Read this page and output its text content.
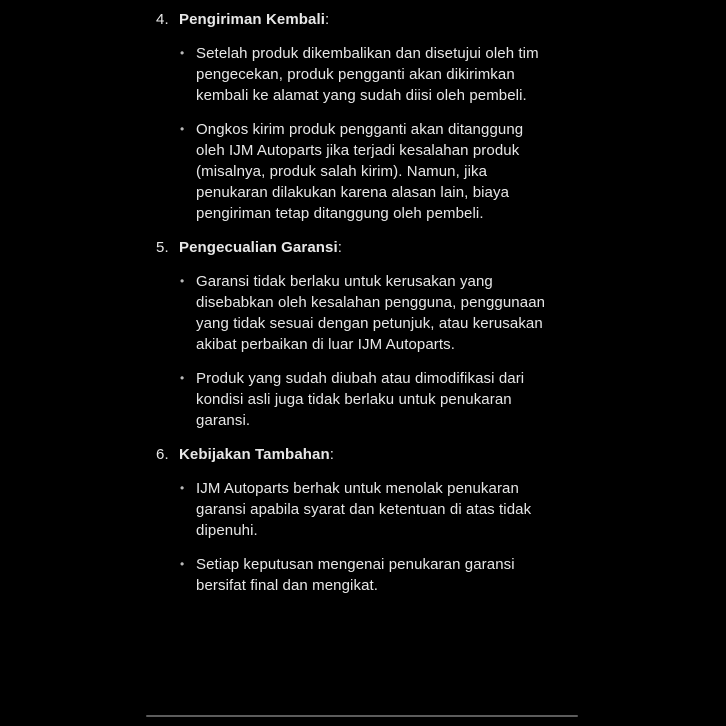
4. Pengiriman Kembali:
• Setelah produk dikembalikan dan disetujui oleh tim pengecekan, produk pengganti akan dikirimkan kembali ke alamat yang sudah diisi oleh pembeli.
• Ongkos kirim produk pengganti akan ditanggung oleh IJM Autoparts jika terjadi kesalahan produk (misalnya, produk salah kirim). Namun, jika penukaran dilakukan karena alasan lain, biaya pengiriman tetap ditanggung oleh pembeli.
5. Pengecualian Garansi:
• Garansi tidak berlaku untuk kerusakan yang disebabkan oleh kesalahan pengguna, penggunaan yang tidak sesuai dengan petunjuk, atau kerusakan akibat perbaikan di luar IJM Autoparts.
• Produk yang sudah diubah atau dimodifikasi dari kondisi asli juga tidak berlaku untuk penukaran garansi.
6. Kebijakan Tambahan:
• IJM Autoparts berhak untuk menolak penukaran garansi apabila syarat dan ketentuan di atas tidak dipenuhi.
• Setiap keputusan mengenai penukaran garansi bersifat final dan mengikat.
